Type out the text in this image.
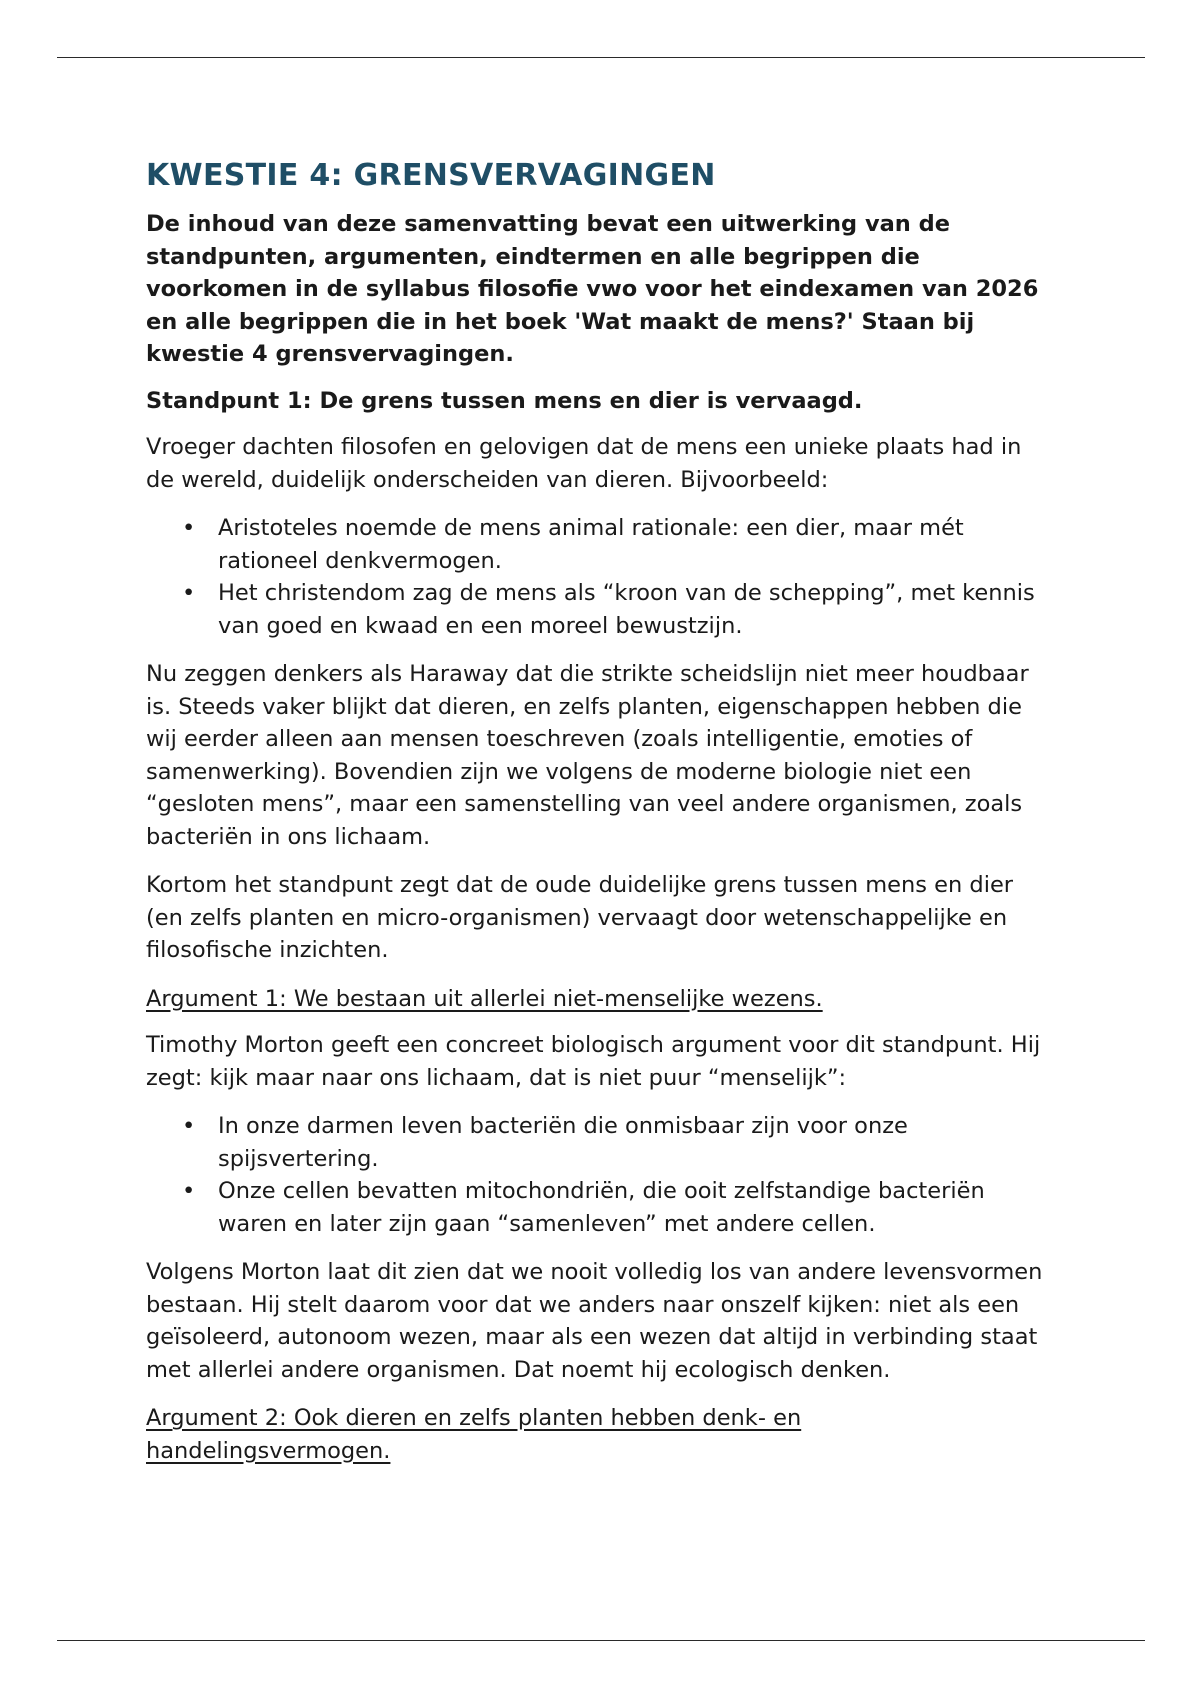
KWESTIE 4: GRENSVERVAGINGEN

De inhoud van deze samenvatting bevat een uitwerking van de standpunten, argumenten, eindtermen en alle begrippen die voorkomen in de syllabus filosofie vwo voor het eindexamen van 2026 en alle begrippen die in het boek 'Wat maakt de mens?' Staan bij kwestie 4 grensvervagingen.

Standpunt 1: De grens tussen mens en dier is vervaagd.

Vroeger dachten filosofen en gelovigen dat de mens een unieke plaats had in de wereld, duidelijk onderscheiden van dieren. Bijvoorbeeld:

• Aristoteles noemde de mens animal rationale: een dier, maar mét rationeel denkvermogen.
• Het christendom zag de mens als “kroon van de schepping”, met kennis van goed en kwaad en een moreel bewustzijn.

Nu zeggen denkers als Haraway dat die strikte scheidslijn niet meer houdbaar is. Steeds vaker blijkt dat dieren, en zelfs planten, eigenschappen hebben die wij eerder alleen aan mensen toeschreven (zoals intelligentie, emoties of samenwerking). Bovendien zijn we volgens de moderne biologie niet een “gesloten mens”, maar een samenstelling van veel andere organismen, zoals bacteriën in ons lichaam.

Kortom het standpunt zegt dat de oude duidelijke grens tussen mens en dier (en zelfs planten en micro-organismen) vervaagt door wetenschappelijke en filosofische inzichten.

Argument 1: We bestaan uit allerlei niet-menselijke wezens.

Timothy Morton geeft een concreet biologisch argument voor dit standpunt. Hij zegt: kijk maar naar ons lichaam, dat is niet puur “menselijk”:

• In onze darmen leven bacteriën die onmisbaar zijn voor onze spijsvertering.
• Onze cellen bevatten mitochondriën, die ooit zelfstandige bacteriën waren en later zijn gaan “samenleven” met andere cellen.

Volgens Morton laat dit zien dat we nooit volledig los van andere levensvormen bestaan. Hij stelt daarom voor dat we anders naar onszelf kijken: niet als een geïsoleerd, autonoom wezen, maar als een wezen dat altijd in verbinding staat met allerlei andere organismen. Dat noemt hij ecologisch denken.

Argument 2: Ook dieren en zelfs planten hebben denk- en handelingsvermogen.
